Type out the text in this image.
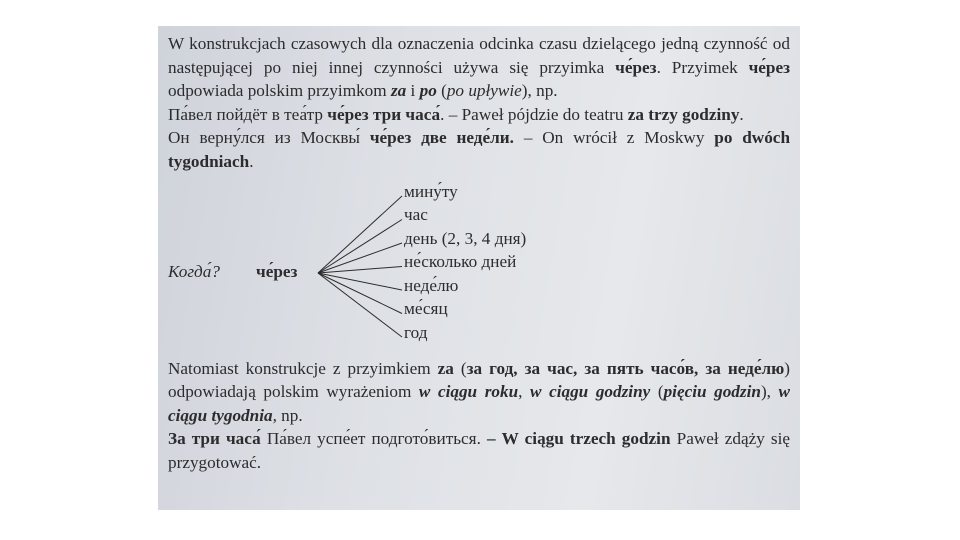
W konstrukcjach czasowych dla oznaczenia odcinka czasu dzielącego jedną czynność od następującej po niej innej czynności używa się przyimka че́рез. Przyimek че́рез odpowiada polskim przyimkom za i po (po upływie), np.

Па́вел пойдёт в теа́тр че́рез три часа́. – Paweł pójdzie do teatru za trzy godziny.

Он верну́лся из Москвы́ че́рез две неде́ли. – On wrócił z Moskwy po dwóch tygodniach.

Когда́? че́рез
мину́ту
час
день (2, 3, 4 дня)
не́сколько дней
неде́лю
ме́сяц
год

Natomiast konstrukcje z przyimkiem za (за год, за час, за пять часо́в, за неде́лю) odpowiadają polskim wyrażeniom w ciągu roku, w ciągu godziny (pięciu godzin), w ciągu tygodnia, np.

За три часа́ Па́вел успе́ет подгото́виться. – W ciągu trzech godzin Paweł zdąży się przygotować.
